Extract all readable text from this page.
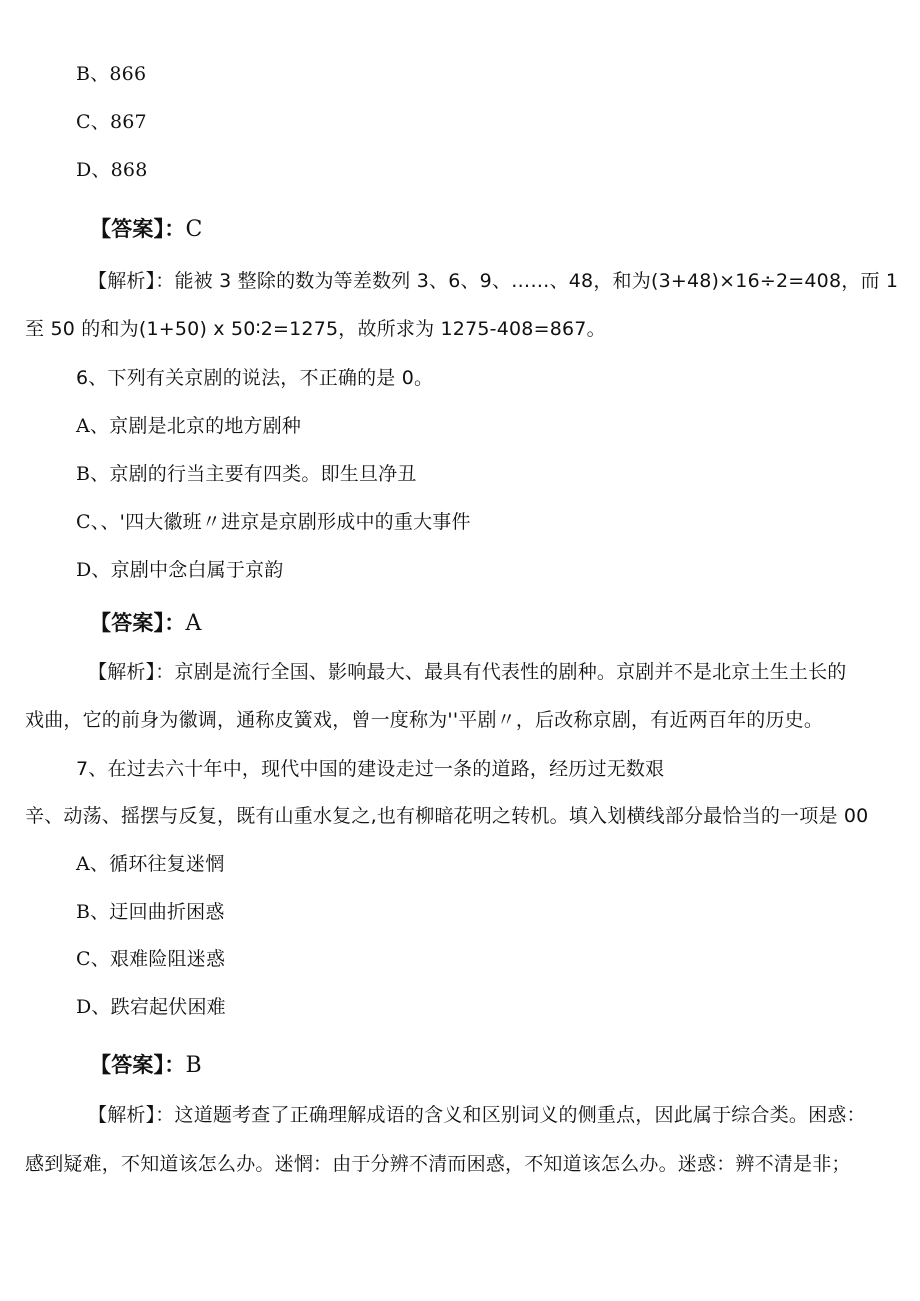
B、866
C、867
D、868
【答案】：C
【解析】：能被 3 整除的数为等差数列 3、6、9、……、48，和为(3+48)×16÷2=408，而 1
至 50 的和为(1+50) x 50∶2=1275，故所求为 1275-408=867。
6、下列有关京剧的说法，不正确的是 0。
A、京剧是北京的地方剧种
B、京剧的行当主要有四类。即生旦净丑
C、、'四大徽班〃进京是京剧形成中的重大事件
D、京剧中念白属于京韵
【答案】：A
【解析】：京剧是流行全国、影响最大、最具有代表性的剧种。京剧并不是北京土生土长的
戏曲，它的前身为徽调，通称皮簧戏，曾一度称为''平剧〃，后改称京剧，有近两百年的历史。
7、在过去六十年中，现代中国的建设走过一条的道路，经历过无数艰
辛、动荡、摇摆与反复，既有山重水复之,也有柳暗花明之转机。填入划横线部分最恰当的一项是 00
A、循环往复迷惘
B、迂回曲折困惑
C、艰难险阻迷惑
D、跌宕起伏困难
【答案】：B
【解析】：这道题考查了正确理解成语的含义和区别词义的侧重点，因此属于综合类。困惑：
感到疑难，不知道该怎么办。迷惘：由于分辨不清而困惑，不知道该怎么办。迷惑：辨不清是非；
